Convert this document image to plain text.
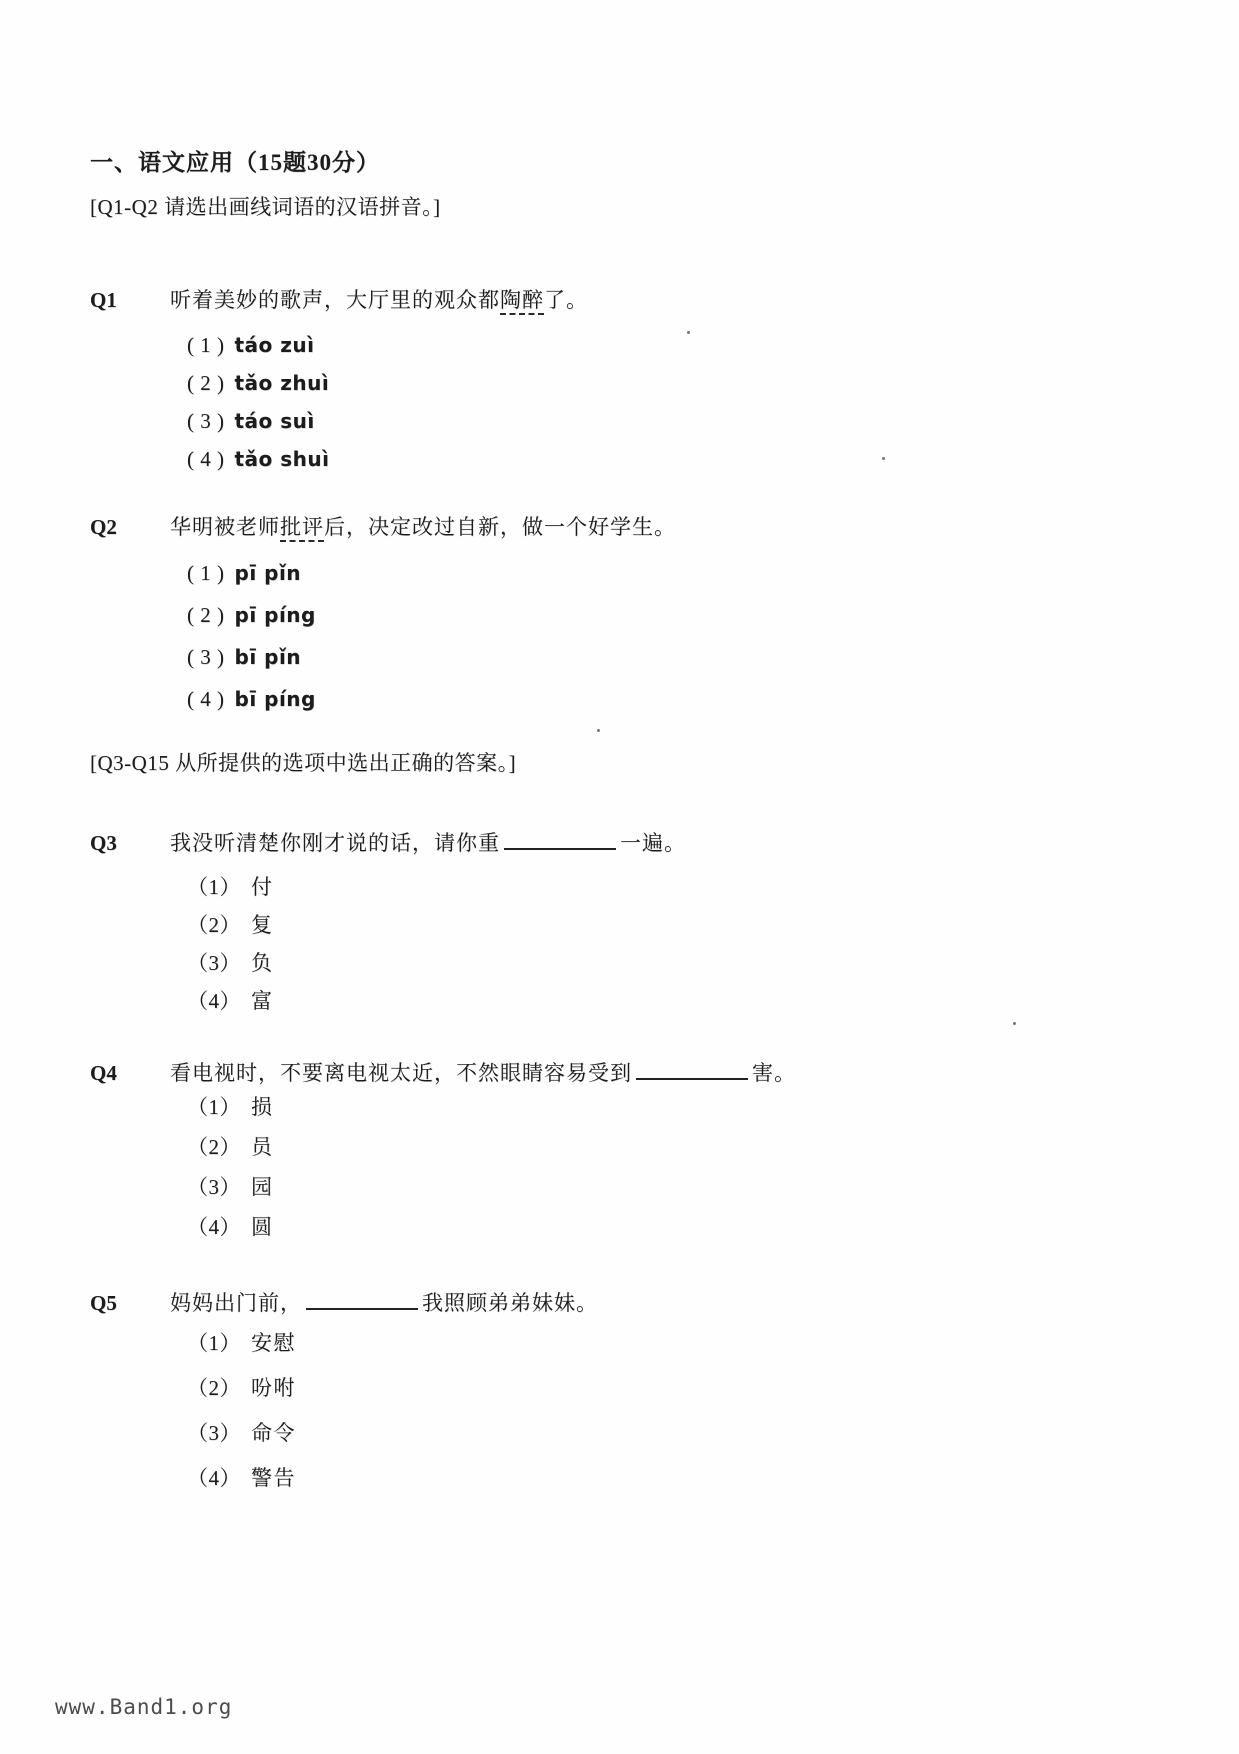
一、语文应用（15题30分）
[Q1-Q2 请选出画线词语的汉语拼音。]
Q1	听着美妙的歌声，大厅里的观众都陶醉了。
( 1 ) táo zuì
( 2 ) tǎo zhuì
( 3 ) táo suì
( 4 ) tǎo shuì
Q2	华明被老师批评后，决定改过自新，做一个好学生。
( 1 ) pī pǐn
( 2 ) pī píng
( 3 ) bī pǐn
( 4 ) bī píng
[Q3-Q15 从所提供的选项中选出正确的答案。]
Q3	我没听清楚你刚才说的话，请你重	一遍。
（1） 付
（2） 复
（3） 负
（4） 富
Q4	看电视时，不要离电视太近，不然眼睛容易受到	害。
（1） 损
（2） 员
（3） 园
（4） 圆
Q5	妈妈出门前，	我照顾弟弟妹妹。
（1） 安慰
（2） 吩咐
（3） 命令
（4） 警告
www.Band1.org
